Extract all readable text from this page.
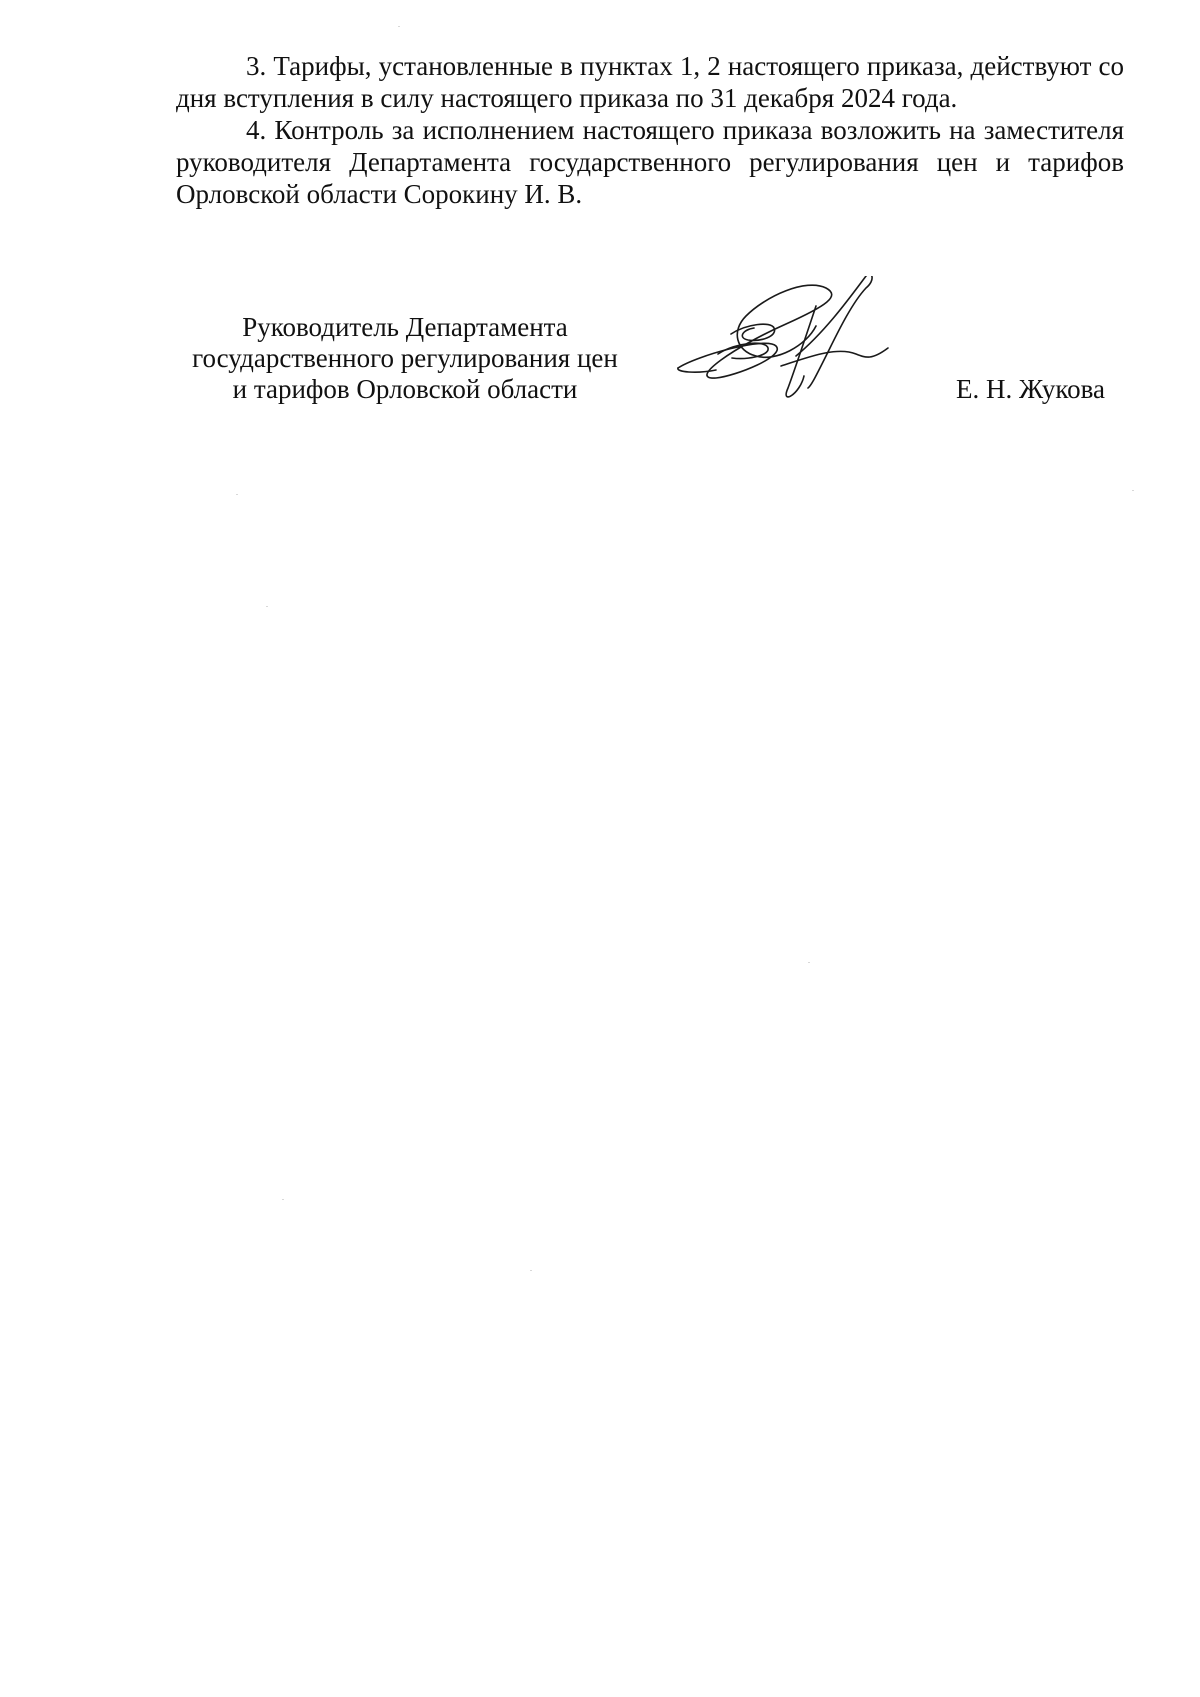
3. Тарифы, установленные в пунктах 1, 2 настоящего приказа, действуют со дня вступления в силу настоящего приказа по 31 декабря 2024 года.

4. Контроль за исполнением настоящего приказа возложить на заместителя руководителя Департамента государственного регулирования цен и тарифов Орловской области Сорокину И. В.

Руководитель Департамента
государственного регулирования цен
и тарифов Орловской области	Е. Н. Жукова
